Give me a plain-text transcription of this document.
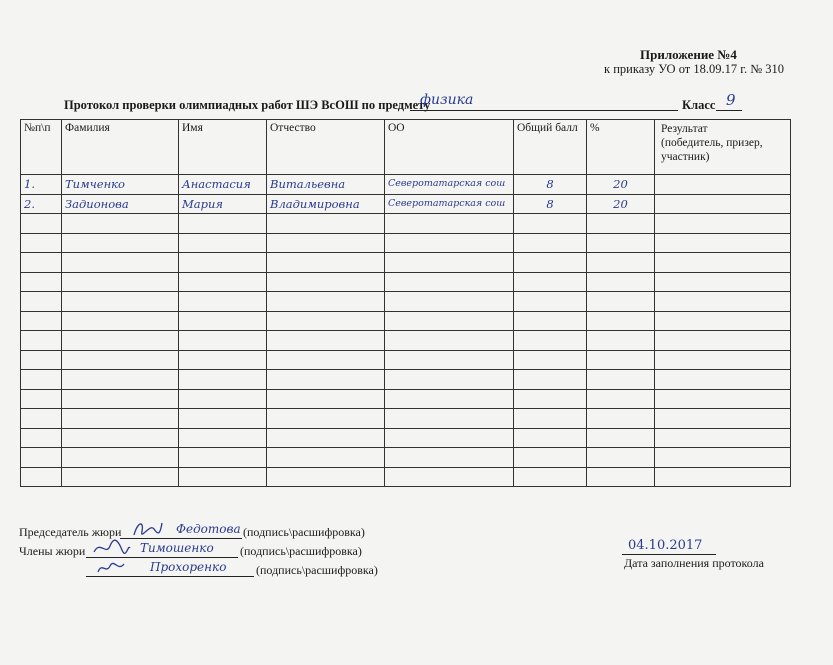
Приложение №4
к приказу УО от 18.09.17 г. № 310
Протокол проверки олимпиадных работ ШЭ ВсОШ по предмету
физика	Класс 9
№п\п	Фамилия	Имя	Отчество	ОО	Общий балл	%	Результат
(победитель, призер, участник)
1.	Тимченко	Анастасия	Витальевна	Северотатарская сош	8	20	
2.	Задионова	Мария	Владимировна	Северотатарская сош	8	20	

Председатель жюри	Федотова (подпись\расшифровка)
Члены жюри	Тимошенко (подпись\расшифровка)
Прохоренко (подпись\расшифровка)
04.10.2017
Дата заполнения протокола
